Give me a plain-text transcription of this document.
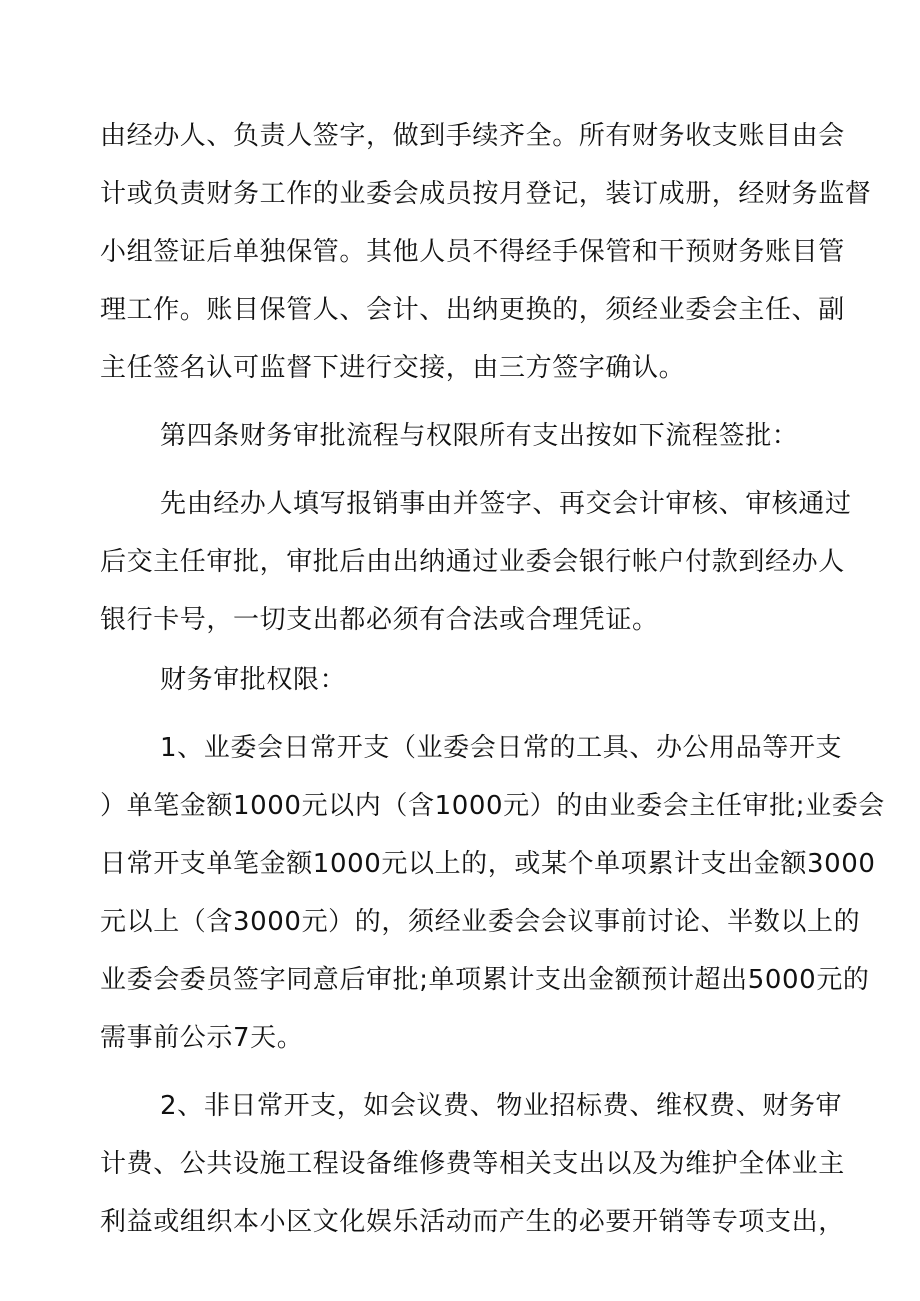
由经办人、负责人签字，做到手续齐全。所有财务收支账目由会
计或负责财务工作的业委会成员按月登记，装订成册，经财务监督
小组签证后单独保管。其他人员不得经手保管和干预财务账目管
理工作。账目保管人、会计、出纳更换的，须经业委会主任、副
主任签名认可监督下进行交接，由三方签字确认。
第四条财务审批流程与权限所有支出按如下流程签批：
先由经办人填写报销事由并签字、再交会计审核、审核通过
后交主任审批，审批后由出纳通过业委会银行帐户付款到经办人
银行卡号，一切支出都必须有合法或合理凭证。
财务审批权限：
1、业委会日常开支（业委会日常的工具、办公用品等开支
）单笔金额1000元以内（含1000元）的由业委会主任审批;业委会
日常开支单笔金额1000元以上的，或某个单项累计支出金额3000
元以上（含3000元）的，须经业委会会议事前讨论、半数以上的
业委会委员签字同意后审批;单项累计支出金额预计超出5000元的
需事前公示7天。
2、非日常开支，如会议费、物业招标费、维权费、财务审
计费、公共设施工程设备维修费等相关支出以及为维护全体业主
利益或组织本小区文化娱乐活动而产生的必要开销等专项支出，
